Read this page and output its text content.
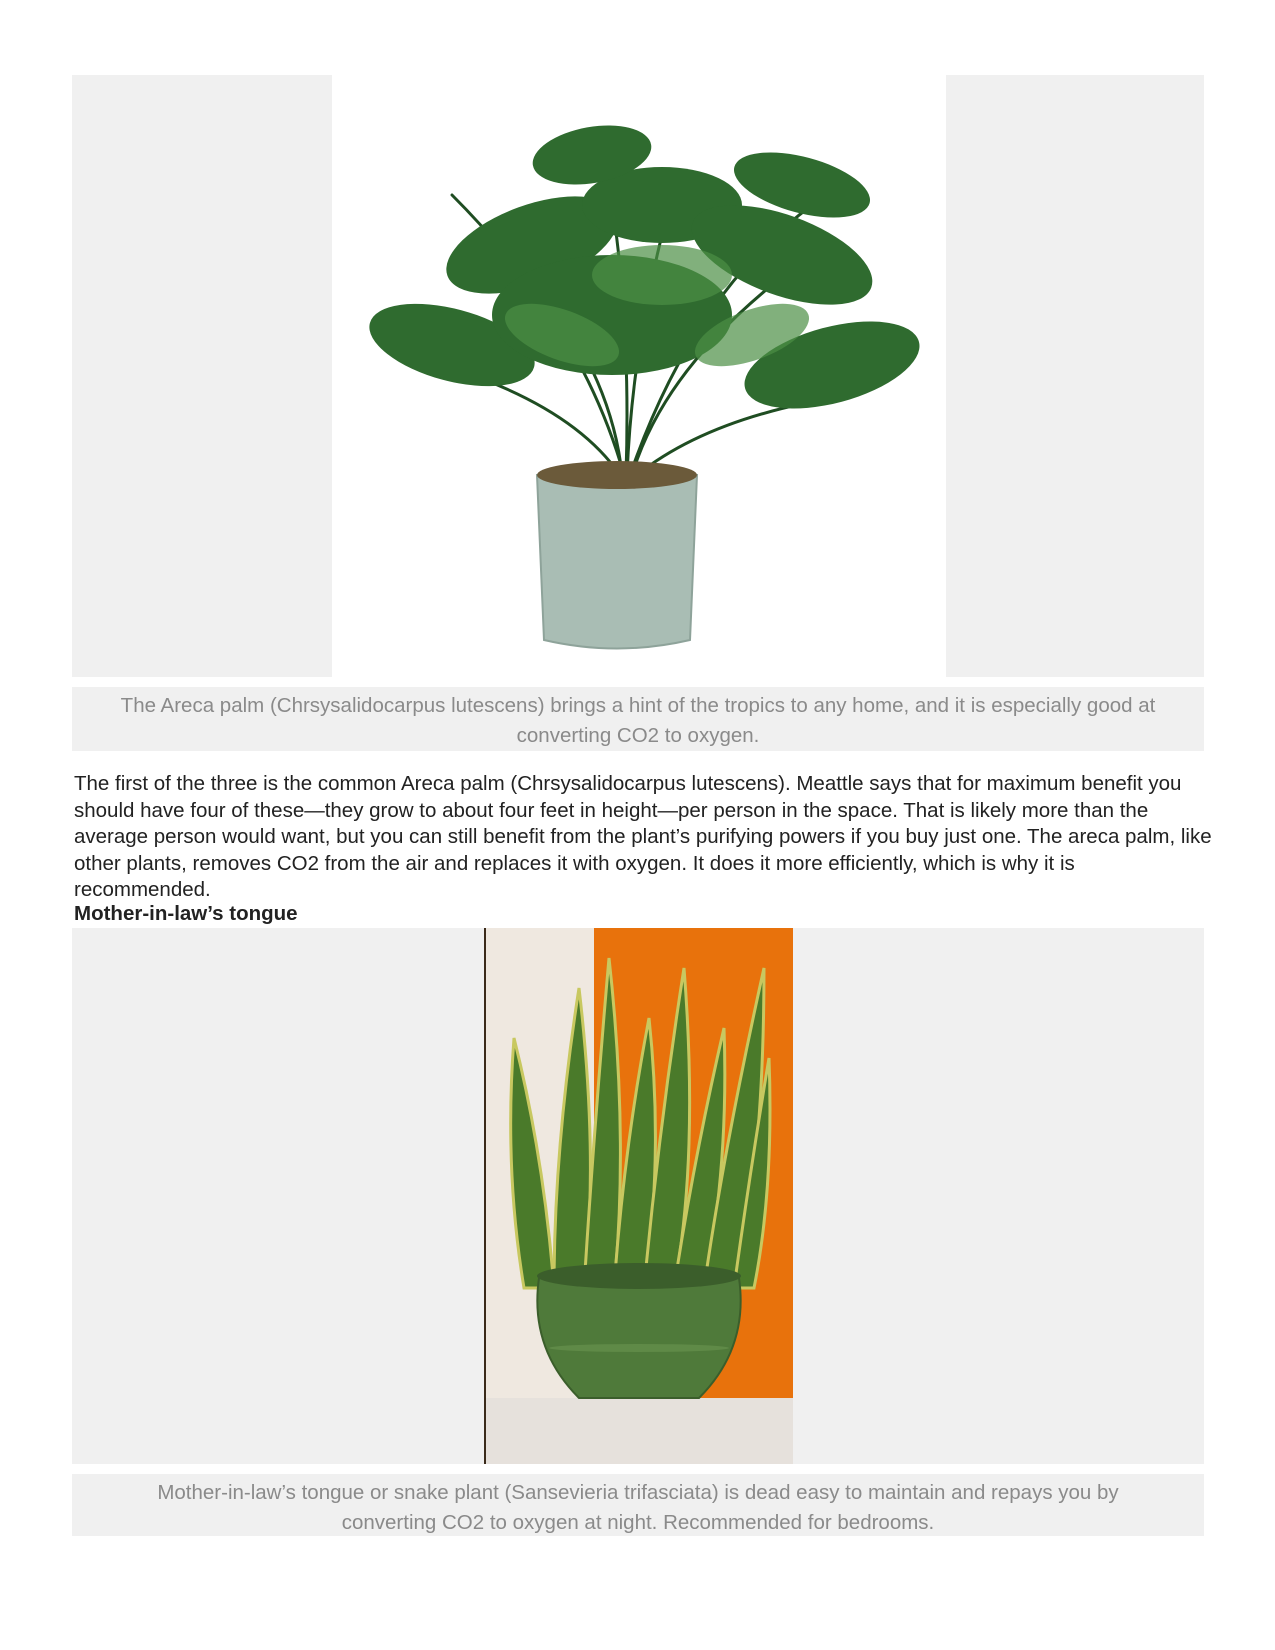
The Areca palm (Chrsysalidocarpus lutescens) brings a hint of the tropics to any home, and it is especially good at converting CO2 to oxygen.

The first of the three is the common Areca palm (Chrsysalidocarpus lutescens). Meattle says that for maximum benefit you should have four of these—they grow to about four feet in height—per person in the space. That is likely more than the average person would want, but you can still benefit from the plant’s purifying powers if you buy just one. The areca palm, like other plants, removes CO2 from the air and replaces it with oxygen. It does it more efficiently, which is why it is recommended.

Mother-in-law’s tongue

Mother-in-law’s tongue or snake plant (Sansevieria trifasciata) is dead easy to maintain and repays you by converting CO2 to oxygen at night. Recommended for bedrooms.
